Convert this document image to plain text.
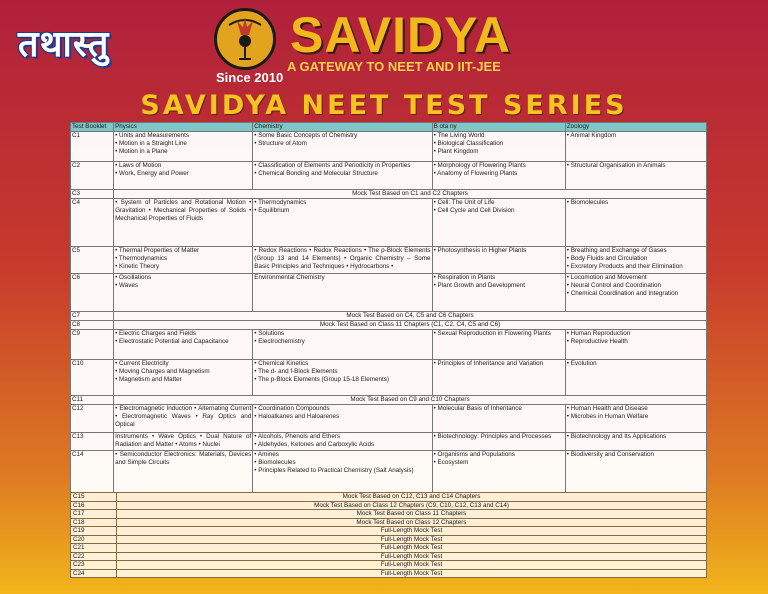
तथास्तु	SAVIDYA
A GATEWAY TO NEET AND IIT-JEE
Since 2010
SAVIDYA NEET TEST SERIES
Test Booklet	Physics	Chemistry	B ota ny	Zoology
C1	• Units and Measurements
• Motion in a Straight Line
• Motion in a Plane	• Some Basic Concepts of Chemistry
• Structure of Atom	• The Living World
• Biological Classification
• Plant Kingdom	• Animal Kingdom

C2	• Laws of Motion
• Work, Energy and Power	• Classification of Elements and Periodicity in Properties
• Chemical Bonding and Molecular Structure	• Morphology of Flowering Plants
• Anatomy of Flowering Plants	• Structural Organisation in Animals

C3	Mock Test Based on C1 and C2 Chapters			
C4	• System of Particles and Rotational Motion • Gravitation • Mechanical Properties of Solids • Mechanical Properties of Fluids	• Thermodynamics
• Equilibrium	• Cell: The Unit of Life
• Cell Cycle and Cell Division	• Biomolecules

C5	• Thermal Properties of Matter
• Thermodynamics
• Kinetic Theory	• Redox Reactions • Redox Reactions • The p-Block Elements (Group 13 and 14 Elements) • Organic Chemistry – Some Basic Principles and Techniques • Hydrocarbons •	• Photosynthesis in Higher Plants	• Breathing and Exchange of Gases
• Body Fluids and Circulation
• Excretory Products and their Elimination

C6	• Oscillations
• Waves	Environmental Chemistry	• Respiration in Plants
• Plant Growth and Development	• Locomotion and Movement
• Neural Control and Coordination
• Chemical Coordination and Integration

C7	Mock Test Based on C4, C5 and C6 Chapters			
C8	Mock Test Based on Class 11 Chapters (C1, C2, C4, C5 and C6)			
C9	• Electric Charges and Fields
• Electrostatic Potential and Capacitance	• Solutions
• Electrochemistry	• Sexual Reproduction in Flowering Plants	• Human Reproduction
• Reproductive Health

C10	• Current Electricity
• Moving Charges and Magnetism
• Magnetism and Matter	• Chemical Kinetics
• The d- and f-Block Elements
• The p-Block Elements (Group 15-18 Elements)	• Principles of Inheritance and Variation	• Evolution

C11	Mock Test Based on C9 and C10 Chapters			
C12	• Electromagnetic Induction • Alternating Current • Electromagnetic Waves • Ray Optics and Optical	• Coordination Compounds
• Haloalkanes and Haloarenes	• Molecular Basis of Inheritance	• Human Health and Disease
• Microbes in Human Welfare

C13	Instruments • Wave Optics • Dual Nature of Radiation and Matter • Atoms • Nuclei	• Alcohols, Phenols and Ethers
• Aldehydes, Ketones and Carboxylic Acids	• Biotechnology: Principles and Processes	• Biotechnology and Its Applications

C14	• Semiconductor Electronics: Materials, Devices and Simple Circuits	• Amines
• Biomolecules
• Principles Related to Practical Chemistry (Salt Analysis)	• Organisms and Populations
• Ecosystem	• Biodiversity and Conservation
C15	Mock Test Based on C12, C13 and C14 Chapters
C16	Mock Test Based on Class 12 Chapters (C9, C10, C12, C13 and C14)
C17	Mock Test Based on Class 11 Chapters
C18	Mock Test Based on Class 12 Chapters
C19	Full-Length Mock Test
C20	Full-Length Mock Test
C21	Full-Length Mock Test
C22	Full-Length Mock Test
C23	Full-Length Mock Test
C24	Full-Length Mock Test
